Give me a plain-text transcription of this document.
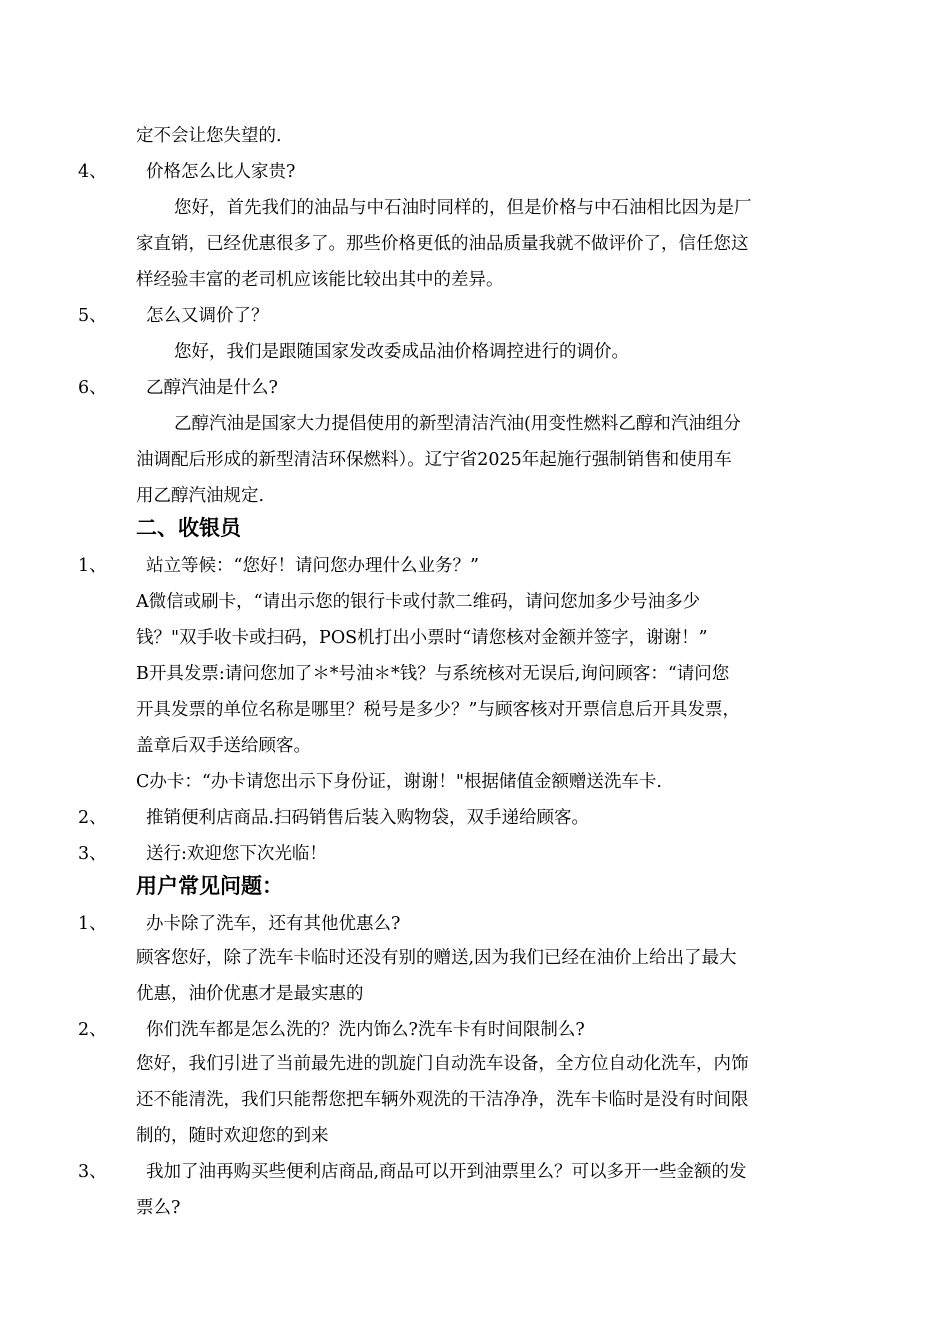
定不会让您失望的.
4、 价格怎么比人家贵?
您好，首先我们的油品与中石油时同样的，但是价格与中石油相比因为是厂
家直销，已经优惠很多了。那些价格更低的油品质量我就不做评价了，信任您这
样经验丰富的老司机应该能比较出其中的差异。
5、 怎么又调价了？
您好，我们是跟随国家发改委成品油价格调控进行的调价。
6、 乙醇汽油是什么?
乙醇汽油是国家大力提倡使用的新型清洁汽油(用变性燃料乙醇和汽油组分
油调配后形成的新型清洁环保燃料）。辽宁省2025年起施行强制销售和使用车
用乙醇汽油规定.
二、收银员
1、 站立等候：“您好！请问您办理什么业务？”
A微信或刷卡，“请出示您的银行卡或付款二维码，请问您加多少号油多少
钱？"双手收卡或扫码，POS机打出小票时“请您核对金额并签字，谢谢！”
B开具发票:请问您加了＊*号油＊*钱？与系统核对无误后,询问顾客：“请问您
开具发票的单位名称是哪里？税号是多少？”与顾客核对开票信息后开具发票，
盖章后双手送给顾客。
C办卡：“办卡请您出示下身份证，谢谢！"根据储值金额赠送洗车卡.
2、 推销便利店商品.扫码销售后装入购物袋，双手递给顾客。
3、 送行:欢迎您下次光临！
用户常见问题：
1、 办卡除了洗车，还有其他优惠么?
顾客您好，除了洗车卡临时还没有别的赠送,因为我们已经在油价上给出了最大
优惠，油价优惠才是最实惠的
2、 你们洗车都是怎么洗的？洗内饰么?洗车卡有时间限制么?
您好，我们引进了当前最先进的凯旋门自动洗车设备，全方位自动化洗车，内饰
还不能清洗，我们只能帮您把车辆外观洗的干洁净净，洗车卡临时是没有时间限
制的，随时欢迎您的到来
3、 我加了油再购买些便利店商品,商品可以开到油票里么？可以多开一些金额的发
票么?
